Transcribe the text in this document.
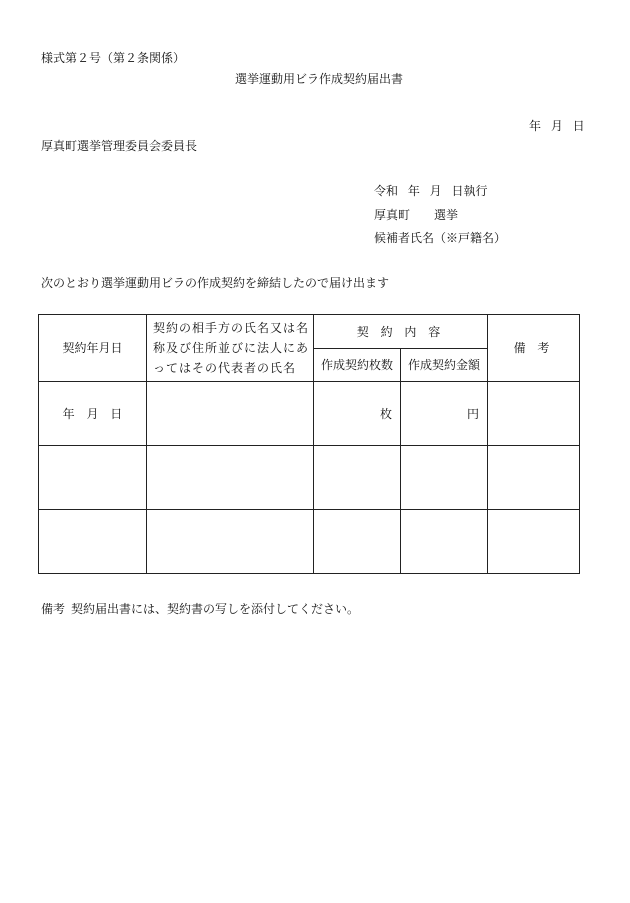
様式第２号（第２条関係）
選挙運動用ビラ作成契約届出書
年 月 日
厚真町選挙管理委員会委員長
令和 年 月 日執行
厚真町 選挙
候補者氏名（※戸籍名）
次のとおり選挙運動用ビラの作成契約を締結したので届け出ます
契約年月日	契約の相手方の氏名又は名称及び住所並びに法人にあってはその代表者の氏名	契 約 内 容		備 考
		作成契約枚数	作成契約金額	
年 月 日		枚	円	

備考 契約届出書には、契約書の写しを添付してください。
